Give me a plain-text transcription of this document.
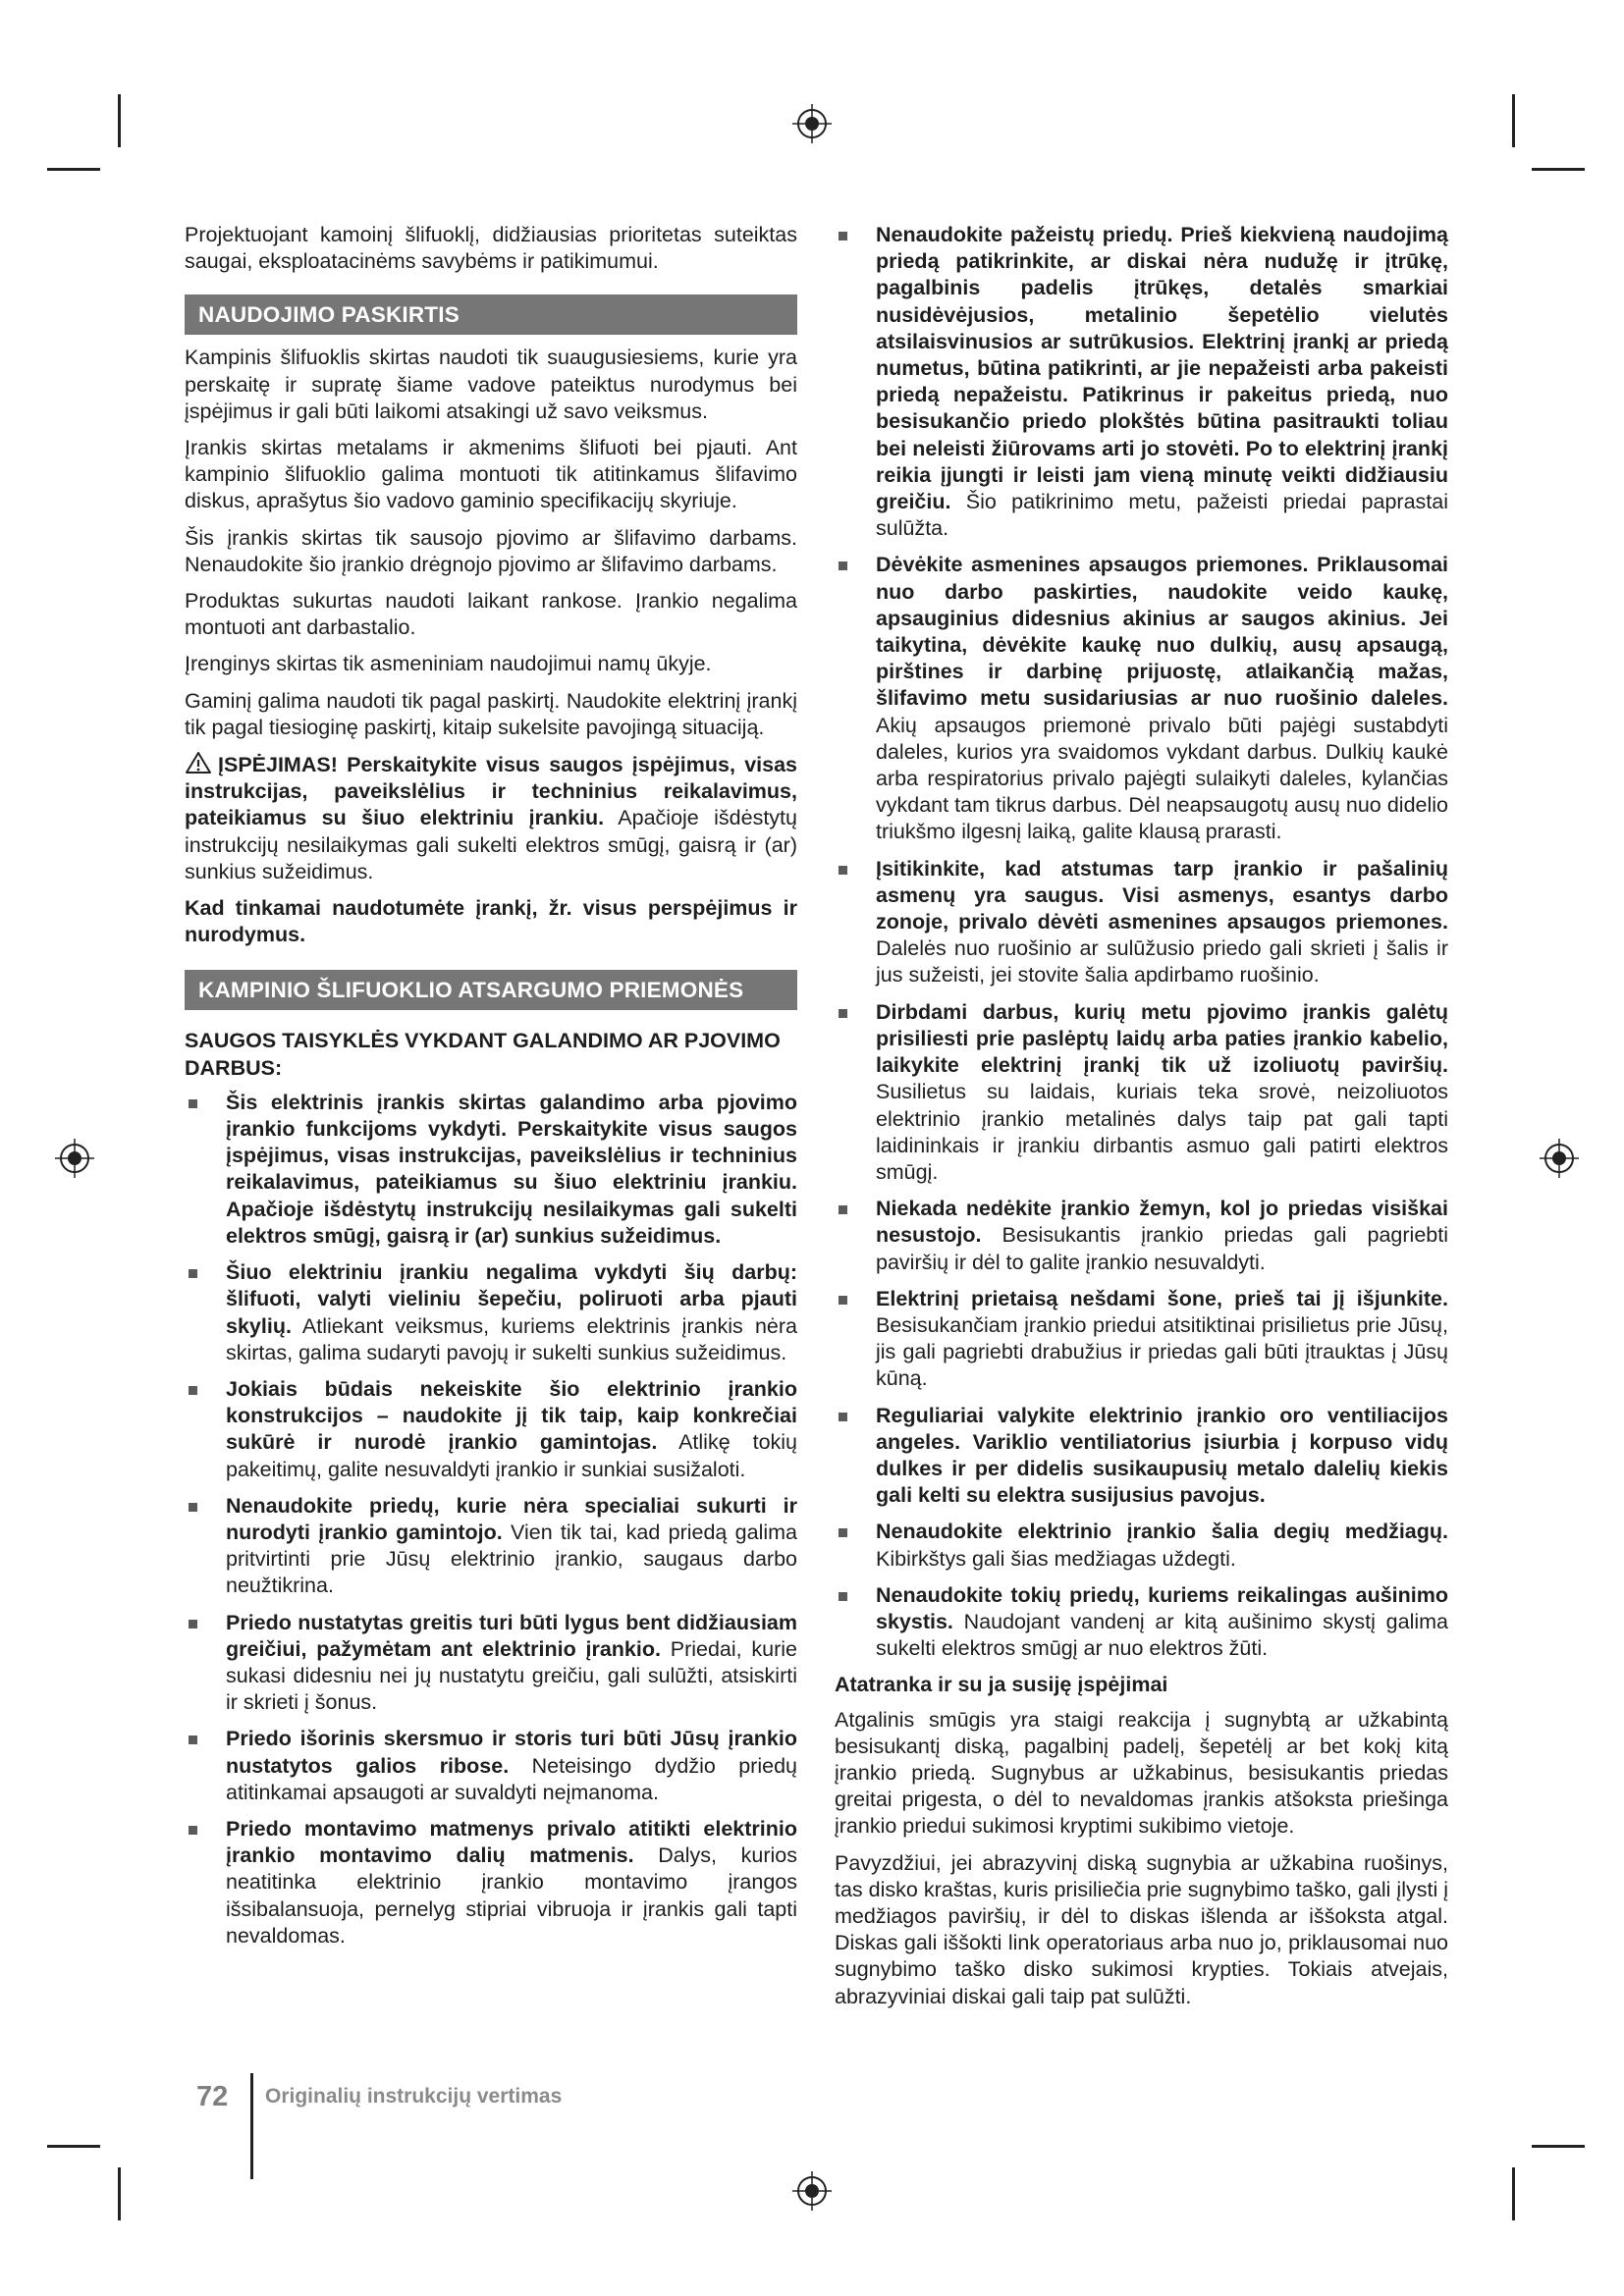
Projektuojant kamoinį šlifuoklį, didžiausias prioritetas suteiktas saugai, eksploatacinėms savybėms ir patikimumui.

NAUDOJIMO PASKIRTIS

Kampinis šlifuoklis skirtas naudoti tik suaugusiesiems, kurie yra perskaitę ir supratę šiame vadove pateiktus nurodymus bei įspėjimus ir gali būti laikomi atsakingi už savo veiksmus.

Įrankis skirtas metalams ir akmenims šlifuoti bei pjauti. Ant kampinio šlifuoklio galima montuoti tik atitinkamus šlifavimo diskus, aprašytus šio vadovo gaminio specifikacijų skyriuje.

Šis įrankis skirtas tik sausojo pjovimo ar šlifavimo darbams. Nenaudokite šio įrankio drėgnojo pjovimo ar šlifavimo darbams.

Produktas sukurtas naudoti laikant rankose. Įrankio negalima montuoti ant darbastalio.

Įrenginys skirtas tik asmeniniam naudojimui namų ūkyje.

Gaminį galima naudoti tik pagal paskirtį. Naudokite elektrinį įrankį tik pagal tiesioginę paskirtį, kitaip sukelsite pavojingą situaciją.

ĮSPĖJIMAS! Perskaitykite visus saugos įspėjimus, visas instrukcijas, paveikslėlius ir techninius reikalavimus, pateikiamus su šiuo elektriniu įrankiu. Apačioje išdėstytų instrukcijų nesilaikymas gali sukelti elektros smūgį, gaisrą ir (ar) sunkius sužeidimus.

Kad tinkamai naudotumėte įrankį, žr. visus perspėjimus ir nurodymus.

KAMPINIO ŠLIFUOKLIO ATSARGUMO PRIEMONĖS
SAUGOS TAISYKLĖS VYKDANT GALANDIMO AR PJOVIMO DARBUS:
Šis elektrinis įrankis skirtas galandimo arba pjovimo įrankio funkcijoms vykdyti. Perskaitykite visus saugos įspėjimus, visas instrukcijas, paveikslėlius ir techninius reikalavimus, pateikiamus su šiuo elektriniu įrankiu. Apačioje išdėstytų instrukcijų nesilaikymas gali sukelti elektros smūgį, gaisrą ir (ar) sunkius sužeidimus.
Šiuo elektriniu įrankiu negalima vykdyti šių darbų: šlifuoti, valyti vieliniu šepečiu, poliruoti arba pjauti skylių. Atliekant veiksmus, kuriems elektrinis įrankis nėra skirtas, galima sudaryti pavojų ir sukelti sunkius sužeidimus.
Jokiais būdais nekeiskite šio elektrinio įrankio konstrukcijos – naudokite jį tik taip, kaip konkrečiai sukūrė ir nurodė įrankio gamintojas. Atlikę tokių pakeitimų, galite nesuvaldyti įrankio ir sunkiai susižaloti.
Nenaudokite priedų, kurie nėra specialiai sukurti ir nurodyti įrankio gamintojo. Vien tik tai, kad priedą galima pritvirtinti prie Jūsų elektrinio įrankio, saugaus darbo neužtikrina.
Priedo nustatytas greitis turi būti lygus bent didžiausiam greičiui, pažymėtam ant elektrinio įrankio. Priedai, kurie sukasi didesniu nei jų nustatytu greičiu, gali sulūžti, atsiskirti ir skrieti į šonus.
Priedo išorinis skersmuo ir storis turi būti Jūsų įrankio nustatytos galios ribose. Neteisingo dydžio priedų atitinkamai apsaugoti ar suvaldyti neįmanoma.
Priedo montavimo matmenys privalo atitikti elektrinio įrankio montavimo dalių matmenis. Dalys, kurios neatitinka elektrinio įrankio montavimo įrangos išsibalansuoja, pernelyg stipriai vibruoja ir įrankis gali tapti nevaldomas.
Nenaudokite pažeistų priedų. Prieš kiekvieną naudojimą priedą patikrinkite, ar diskai nėra nudužę ir įtrūkę, pagalbinis padelis įtrūkęs, detalės smarkiai nusidėvėjusios, metalinio šepetėlio vielutės atsilaisvinusios ar sutrūkusios. Elektrinį įrankį ar priedą numetus, būtina patikrinti, ar jie nepažeisti arba pakeisti priedą nepažeistu. Patikrinus ir pakeitus priedą, nuo besisukančio priedo plokštės būtina pasitraukti toliau bei neleisti žiūrovams arti jo stovėti. Po to elektrinį įrankį reikia įjungti ir leisti jam vieną minutę veikti didžiausiu greičiu. Šio patikrinimo metu, pažeisti priedai paprastai sulūžta.
Dėvėkite asmenines apsaugos priemones. Priklausomai nuo darbo paskirties, naudokite veido kaukę, apsauginius didesnius akinius ar saugos akinius. Jei taikytina, dėvėkite kaukę nuo dulkių, ausų apsaugą, pirštines ir darbinę prijuostę, atlaikančią mažas, šlifavimo metu susidariusias ar nuo ruošinio daleles. Akių apsaugos priemonė privalo būti pajėgi sustabdyti daleles, kurios yra svaidomos vykdant darbus. Dulkių kaukė arba respiratorius privalo pajėgti sulaikyti daleles, kylančias vykdant tam tikrus darbus. Dėl neapsaugotų ausų nuo didelio triukšmo ilgesnį laiką, galite klausą prarasti.
Įsitikinkite, kad atstumas tarp įrankio ir pašalinių asmenų yra saugus. Visi asmenys, esantys darbo zonoje, privalo dėvėti asmenines apsaugos priemones. Dalelės nuo ruošinio ar sulūžusio priedo gali skrieti į šalis ir jus sužeisti, jei stovite šalia apdirbamo ruošinio.
Dirbdami darbus, kurių metu pjovimo įrankis galėtų prisiliesti prie paslėptų laidų arba paties įrankio kabelio, laikykite elektrinį įrankį tik už izoliuotų paviršių. Susilietus su laidais, kuriais teka srovė, neizoliuotos elektrinio įrankio metalinės dalys taip pat gali tapti laidininkais ir įrankiu dirbantis asmuo gali patirti elektros smūgį.
Niekada nedėkite įrankio žemyn, kol jo priedas visiškai nesustojo. Besisukantis įrankio priedas gali pagriebti paviršių ir dėl to galite įrankio nesuvaldyti.
Elektrinį prietaisą nešdami šone, prieš tai jį išjunkite. Besisukančiam įrankio priedui atsitiktinai prisilietus prie Jūsų, jis gali pagriebti drabužius ir priedas gali būti įtrauktas į Jūsų kūną.
Reguliariai valykite elektrinio įrankio oro ventiliacijos angeles. Variklio ventiliatorius įsiurbia į korpuso vidų dulkes ir per didelis susikaupusių metalo dalelių kiekis gali kelti su elektra susijusius pavojus.
Nenaudokite elektrinio įrankio šalia degių medžiagų. Kibirkštys gali šias medžiagas uždegti.
Nenaudokite tokių priedų, kuriems reikalingas aušinimo skystis. Naudojant vandenį ar kitą aušinimo skystį galima sukelti elektros smūgį ar nuo elektros žūti.
Atatranka ir su ja susiję įspėjimai

Atgalinis smūgis yra staigi reakcija į sugnybtą ar užkabintą besisukantį diską, pagalbinį padelį, šepetėlį ar bet kokį kitą įrankio priedą. Sugnybus ar užkabinus, besisukantis priedas greitai prigesta, o dėl to nevaldomas įrankis atšoksta priešinga įrankio priedui sukimosi kryptimi sukibimo vietoje.

Pavyzdžiui, jei abrazyvinį diską sugnybia ar užkabina ruošinys, tas disko kraštas, kuris prisiliečia prie sugnybimo taško, gali įlysti į medžiagos paviršių, ir dėl to diskas išlenda ar iššoksta atgal. Diskas gali iššokti link operatoriaus arba nuo jo, priklausomai nuo sugnybimo taško disko sukimosi krypties. Tokiais atvejais, abrazyviniai diskai gali taip pat sulūžti.

72 Originalių instrukcijų vertimas
